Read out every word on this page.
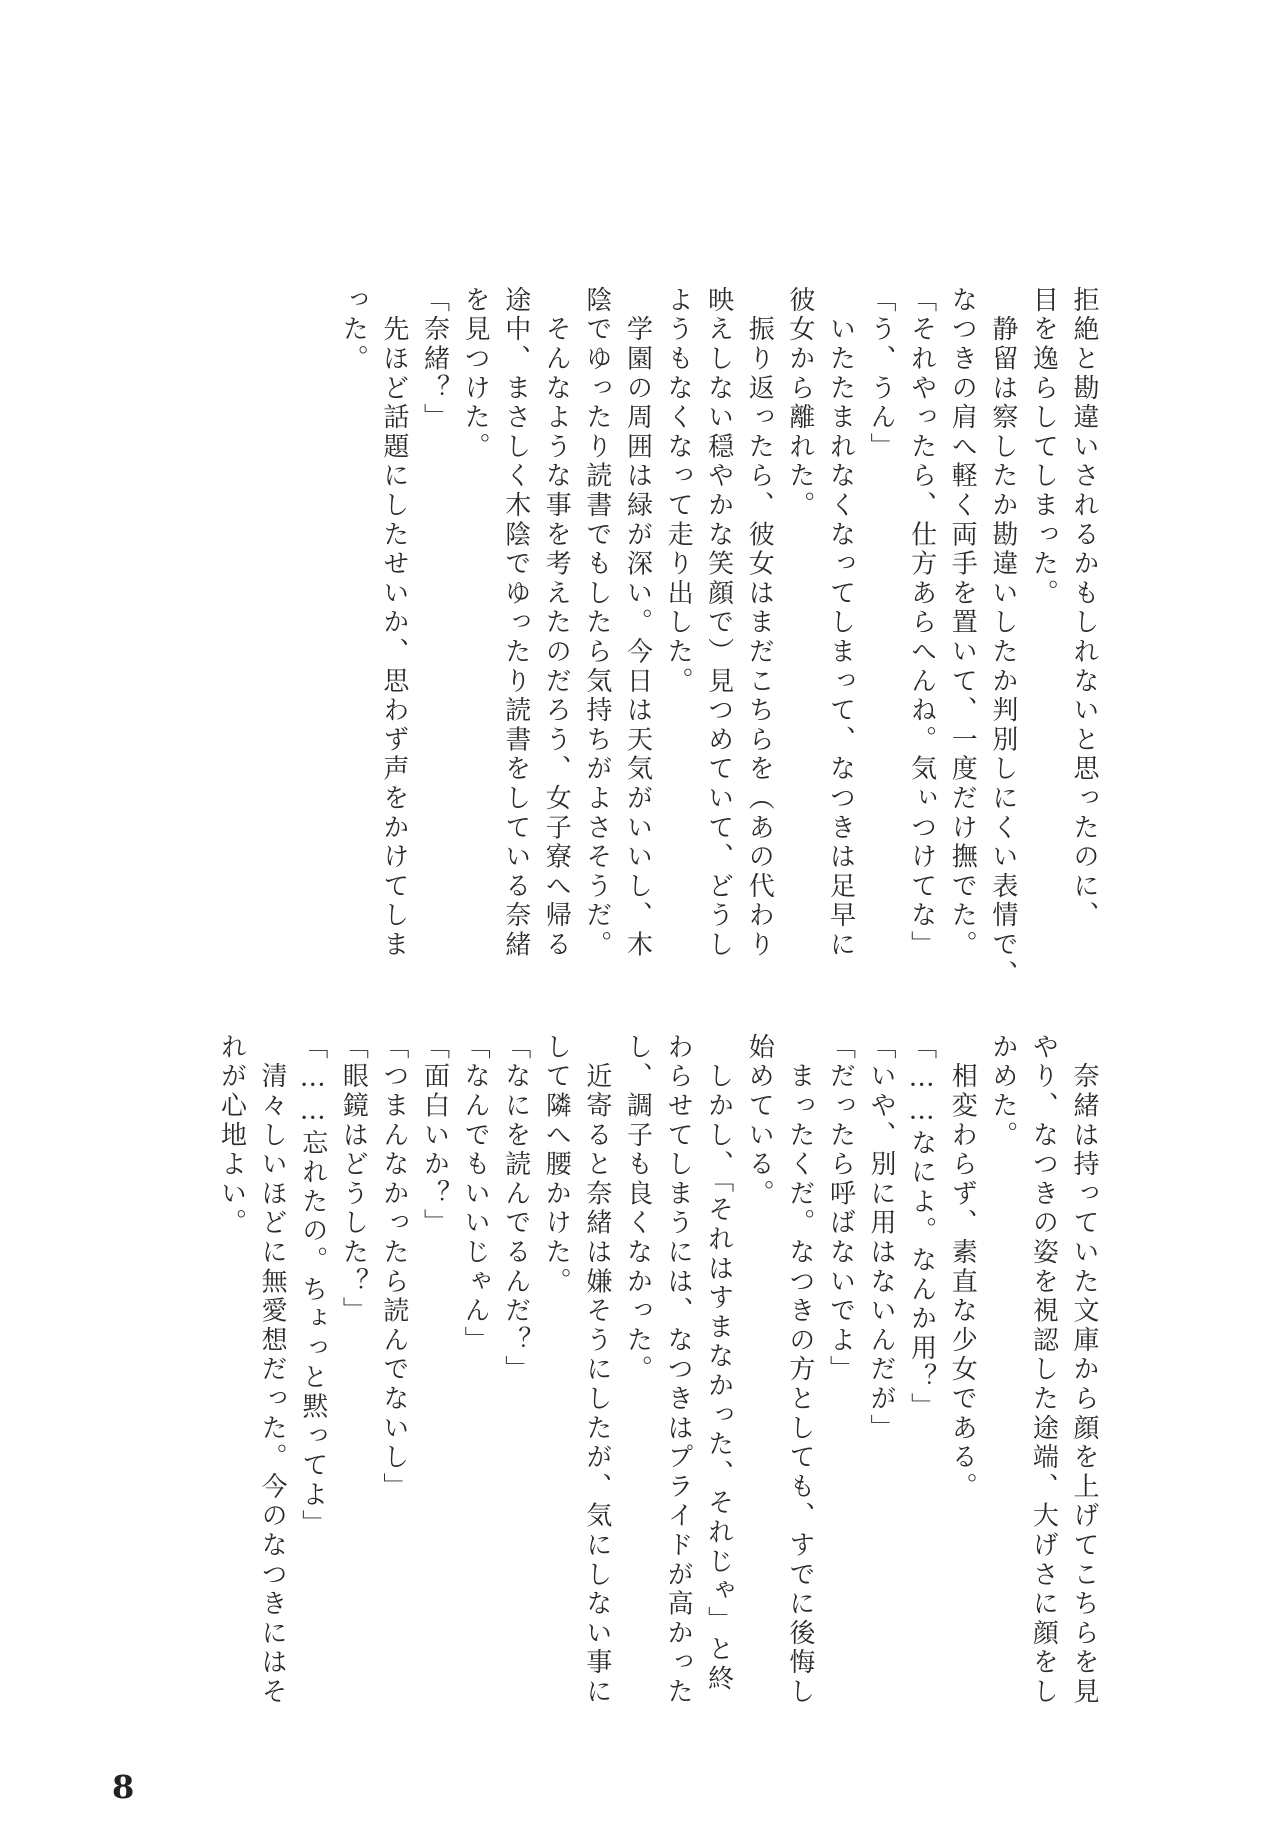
拒絶と勘違いされるかもしれないと思ったのに、
目を逸らしてしまった。
　静留は察したか勘違いしたか判別しにくい表情で、
なつきの肩へ軽く両手を置いて、一度だけ撫でた。
「それやったら、仕方あらへんね。気ぃつけてな」
「う、うん」
　いたたまれなくなってしまって、なつきは足早に
彼女から離れた。
　振り返ったら、彼女はまだこちらを（あの代わり
映えしない穏やかな笑顔で）見つめていて、どうし
ようもなくなって走り出した。
　学園の周囲は緑が深い。今日は天気がいいし、木
陰でゆったり読書でもしたら気持ちがよさそうだ。
　そんなような事を考えたのだろう、女子寮へ帰る
途中、まさしく木陰でゆったり読書をしている奈緒
を見つけた。
「奈緒？」
　先ほど話題にしたせいか、思わず声をかけてしま
った。
　奈緒は持っていた文庫から顔を上げてこちらを見
やり、なつきの姿を視認した途端、大げさに顔をし
かめた。
　相変わらず、素直な少女である。
「……なによ。なんか用？」
「いや、別に用はないんだが」
「だったら呼ばないでよ」
　まったくだ。なつきの方としても、すでに後悔し
始めている。
　しかし、「それはすまなかった、それじゃ」と終
わらせてしまうには、なつきはプライドが高かった
し、調子も良くなかった。
　近寄ると奈緒は嫌そうにしたが、気にしない事に
して隣へ腰かけた。
「なにを読んでるんだ？」
「なんでもいいじゃん」
「面白いか？」
「つまんなかったら読んでないし」
「眼鏡はどうした？」
「……忘れたの。ちょっと黙ってよ」
　清々しいほどに無愛想だった。今のなつきにはそ
れが心地よい。
8
